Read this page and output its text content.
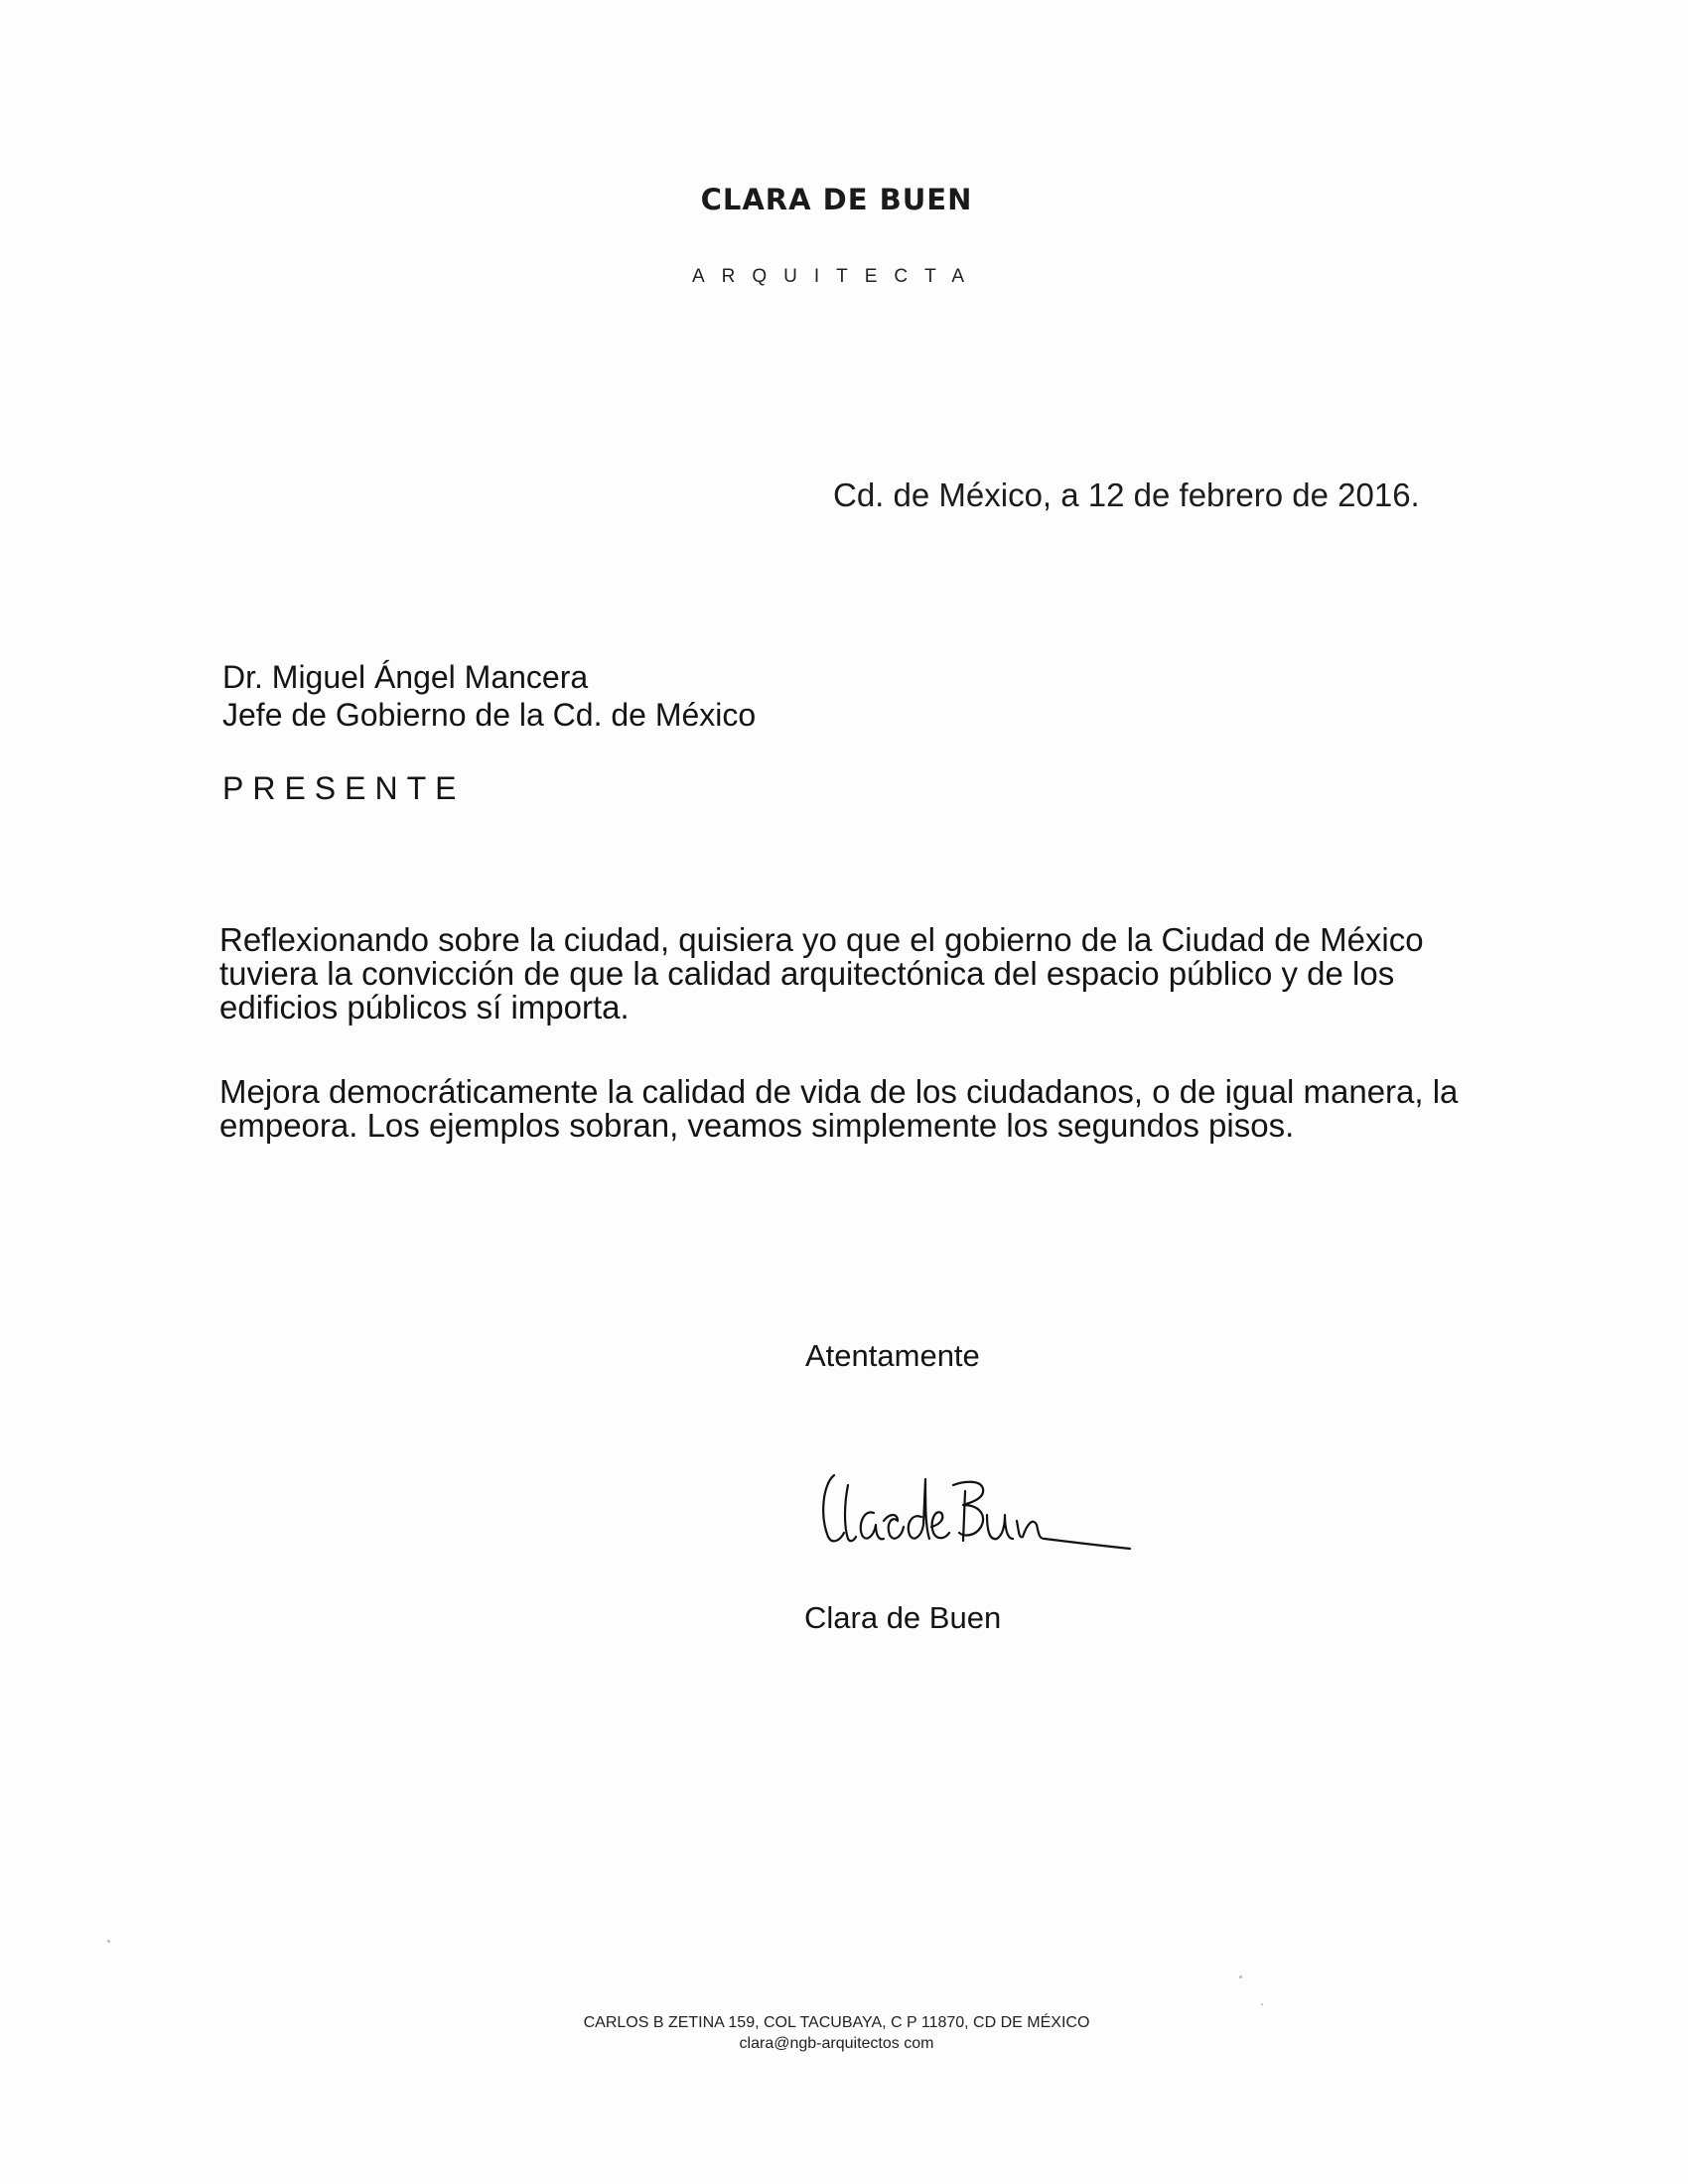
CLARA DE BUEN
ARQUITECTA
Cd. de México, a 12 de febrero de 2016.
Dr. Miguel Ángel Mancera
Jefe de Gobierno de la Cd. de México
PRESENTE

Reflexionando sobre la ciudad, quisiera yo que el gobierno de la Ciudad de México tuviera la convicción de que la calidad arquitectónica del espacio público y de los edificios públicos sí importa.

Mejora democráticamente la calidad de vida de los ciudadanos, o de igual manera, la empeora. Los ejemplos sobran, veamos simplemente los segundos pisos.

Atentamente
Clara de Buen
CARLOS B ZETINA 159, COL TACUBAYA, C P 11870, CD DE MÉXICO
clara@ngb-arquitectos com
